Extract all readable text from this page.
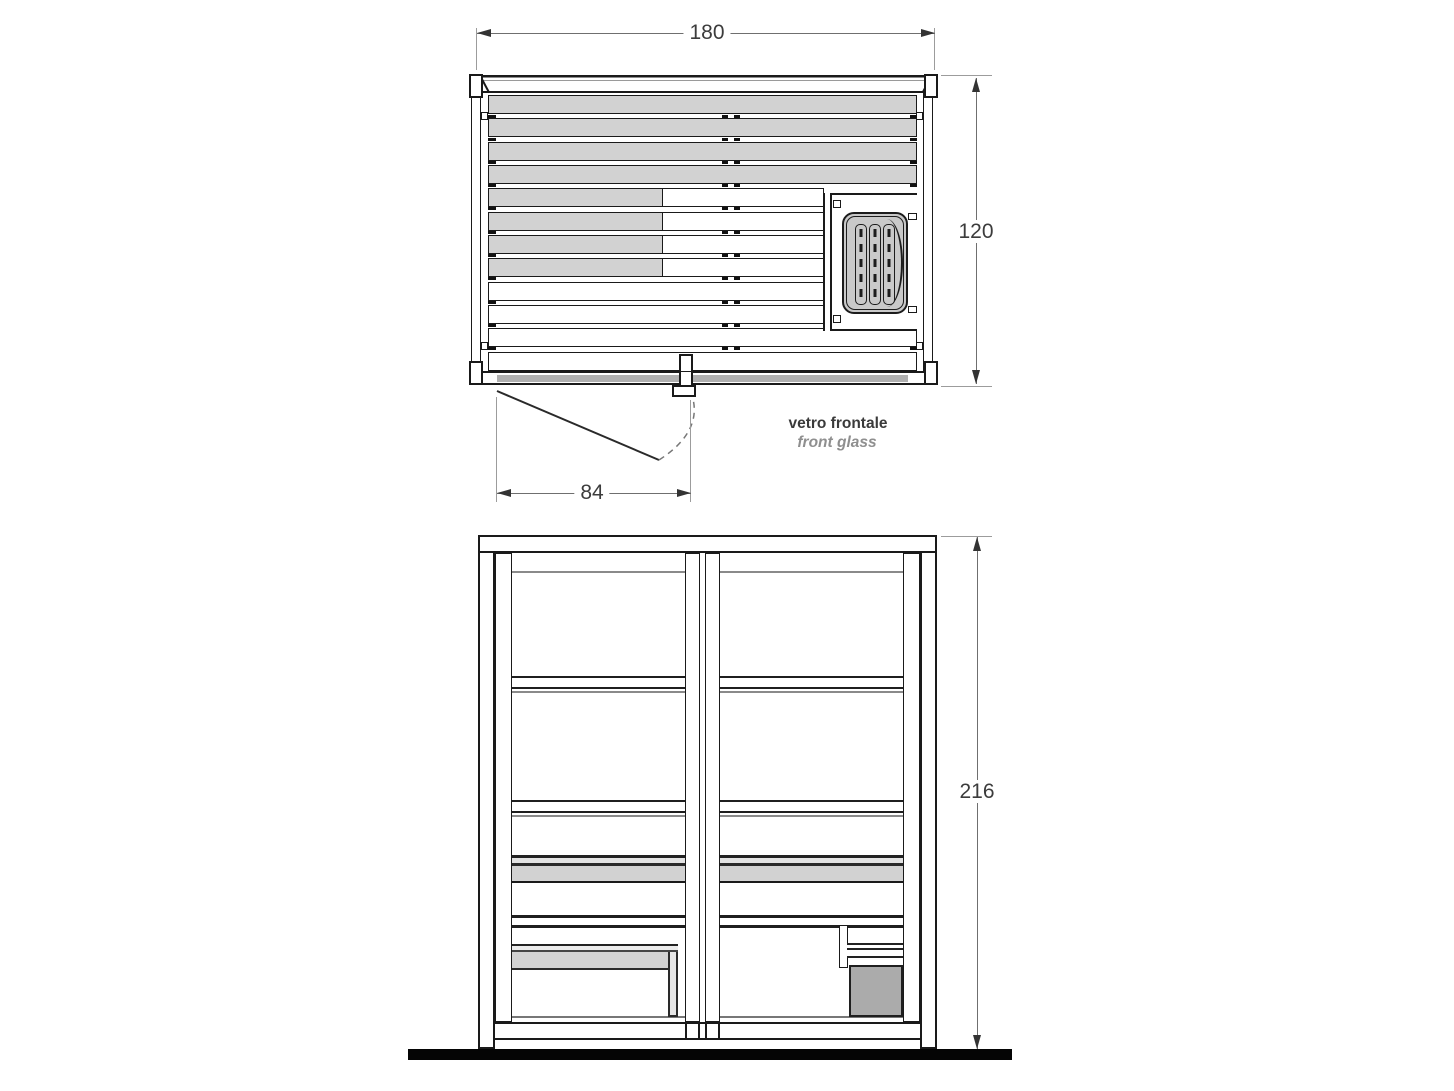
180
120
84
vetro frontale
front glass
216
